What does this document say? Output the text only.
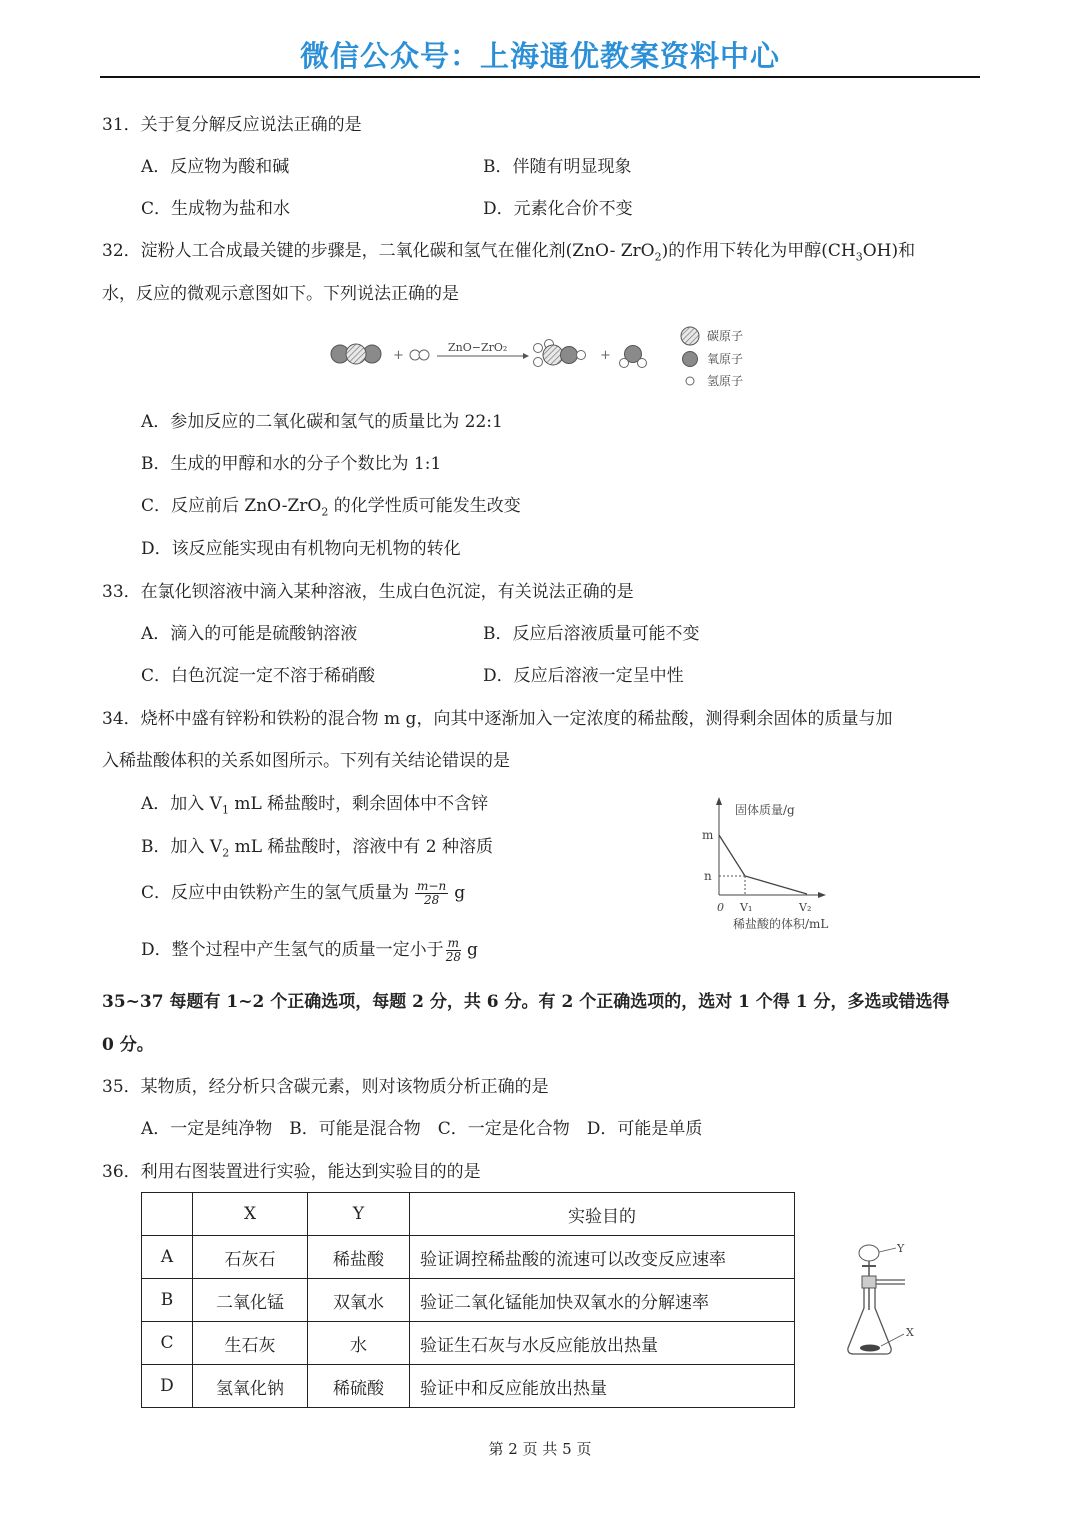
微信公众号：上海通优教案资料中心
31．关于复分解反应说法正确的是
A．反应物为酸和碱	B．伴随有明显现象
C．生成物为盐和水	D．元素化合价不变
32．淀粉人工合成最关键的步骤是，二氧化碳和氢气在催化剂(ZnO- ZrO$_2$)的作用下转化为甲醇$(CH_3OH)$和
水，反应的微观示意图如下。下列说法正确的是
+
ZnO−ZrO₂
+
碳原子
氧原子
氢原子
A．参加反应的二氧化碳和氢气的质量比为 22:1
B．生成的甲醇和水的分子个数比为 1:1
C．反应前后 ZnO-ZrO$_2$ 的化学性质可能发生改变
D．该反应能实现由有机物向无机物的转化
33．在氯化钡溶液中滴入某种溶液，生成白色沉淀，有关说法正确的是
A．滴入的可能是硫酸钠溶液	B．反应后溶液质量可能不变
C．白色沉淀一定不溶于稀硝酸	D．反应后溶液一定呈中性
34．烧杯中盛有锌粉和铁粉的混合物 m g，向其中逐渐加入一定浓度的稀盐酸，测得剩余固体的质量与加
入稀盐酸体积的关系如图所示。下列有关结论错误的是
A．加入 $V_1$ mL 稀盐酸时，剩余固体中不含锌
B．加入 $V_2$ mL 稀盐酸时，溶液中有 2 种溶质
C．反应中由铁粉产生的氢气质量为 $\frac{m-n}{28}$ g
D．整个过程中产生氢气的质量一定小于 $\frac{m}{28}$ g
固体质量/g
m
n
0 V₁	V₂
稀盐酸的体积/mL
35~37 每题有 1~2 个正确选项，每题 2 分，共 6 分。有 2 个正确选项的，选对 1 个得 1 分，多选或错选得
0 分。
35．某物质，经分析只含碳元素，则对该物质分析正确的是
A．一定是纯净物　B．可能是混合物　C．一定是化合物　D．可能是单质
36．利用右图装置进行实验，能达到实验目的的是
	X	Y	实验目的
A	石灰石	稀盐酸	验证调控稀盐酸的流速可以改变反应速率
B	二氧化锰	双氧水	验证二氧化锰能加快双氧水的分解速率
C	生石灰	水	验证生石灰与水反应能放出热量
D	氢氧化钠	稀硫酸	验证中和反应能放出热量
Y
X
第 2 页 共 5 页
